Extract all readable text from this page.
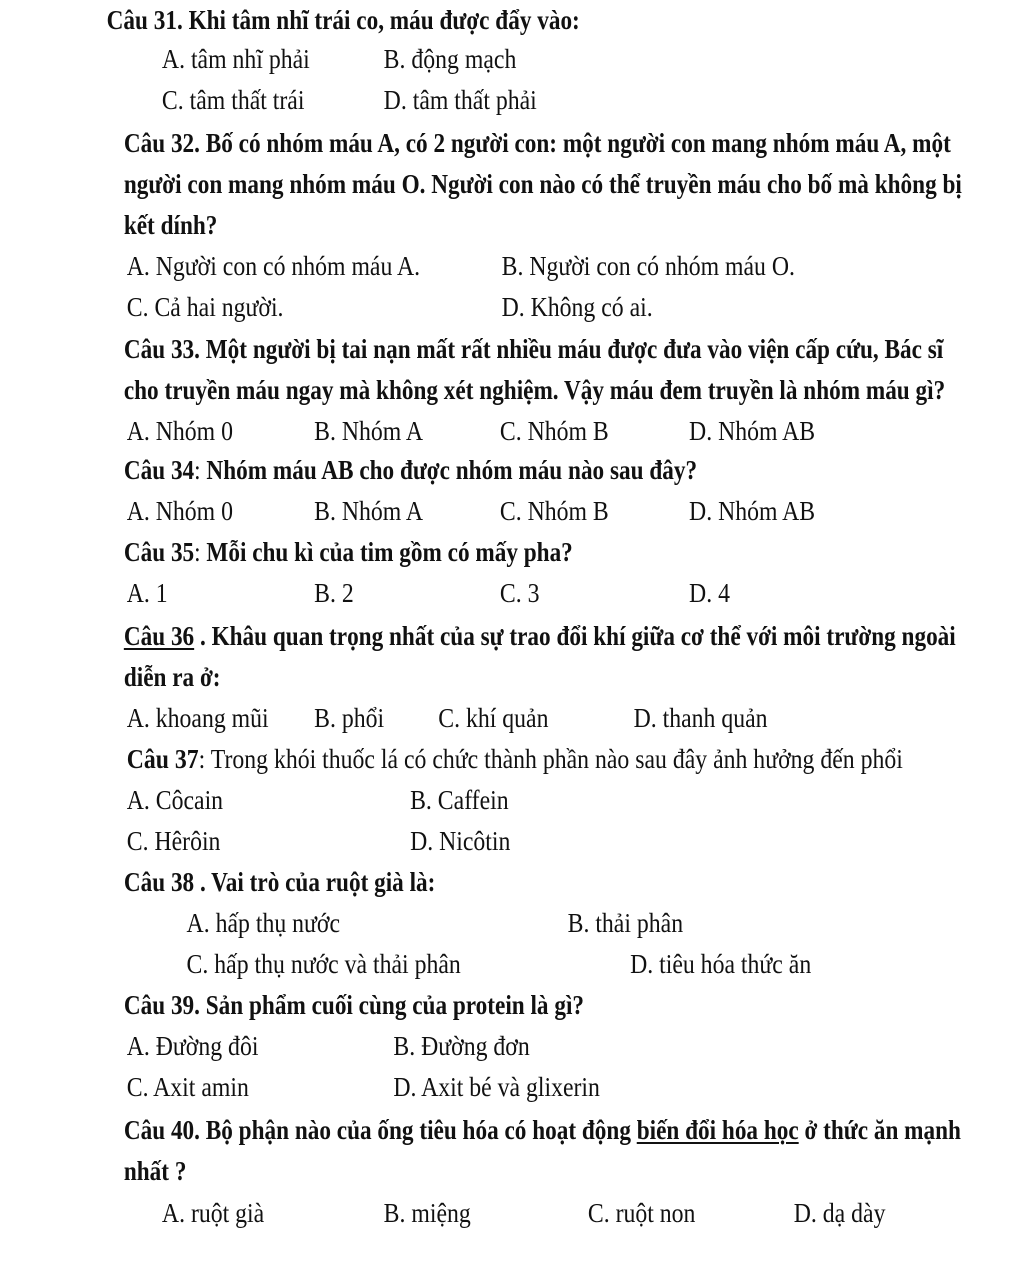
Câu 31. Khi tâm nhĩ trái co, máu được đẩy vào:
A. tâm nhĩ phải	B. động mạch
C. tâm thất trái	D. tâm thất phải
Câu 32. Bố có nhóm máu A, có 2 người con: một người con mang nhóm máu A, một
người con mang nhóm máu O. Người con nào có thể truyền máu cho bố mà không bị
kết dính?
A. Người con có nhóm máu A.	B. Người con có nhóm máu O.
C. Cả hai người.	D. Không có ai.
Câu 33. Một người bị tai nạn mất rất nhiều máu được đưa vào viện cấp cứu, Bác sĩ
cho truyền máu ngay mà không xét nghiệm. Vậy máu đem truyền là nhóm máu gì?
A. Nhóm 0	B. Nhóm A	C. Nhóm B	D. Nhóm AB
Câu 34: Nhóm máu AB cho được nhóm máu nào sau đây?
A. Nhóm 0	B. Nhóm A	C. Nhóm B	D. Nhóm AB
Câu 35: Mỗi chu kì của tim gồm có mấy pha?
A. 1	B. 2	C. 3	D. 4
Câu 36 . Khâu quan trọng nhất của sự trao đổi khí giữa cơ thể với môi trường ngoài
diễn ra ở:
A. khoang mũi B. phổi C. khí quản	D. thanh quản
Câu 37: Trong khói thuốc lá có chức thành phần nào sau đây ảnh hưởng đến phổi
A. Côcain	B. Caffein
C. Hêrôin	D. Nicôtin
Câu 38 . Vai trò của ruột già là:
A. hấp thụ nước	B. thải phân
C. hấp thụ nước và thải phân	D. tiêu hóa thức ăn
Câu 39. Sản phẩm cuối cùng của protein là gì?
A. Đường đôi	B. Đường đơn
C. Axit amin	D. Axit bé và glixerin
Câu 40. Bộ phận nào của ống tiêu hóa có hoạt động biến đổi hóa học ở thức ăn mạnh
nhất ?
A. ruột già	B. miệng	C. ruột non	D. dạ dày
